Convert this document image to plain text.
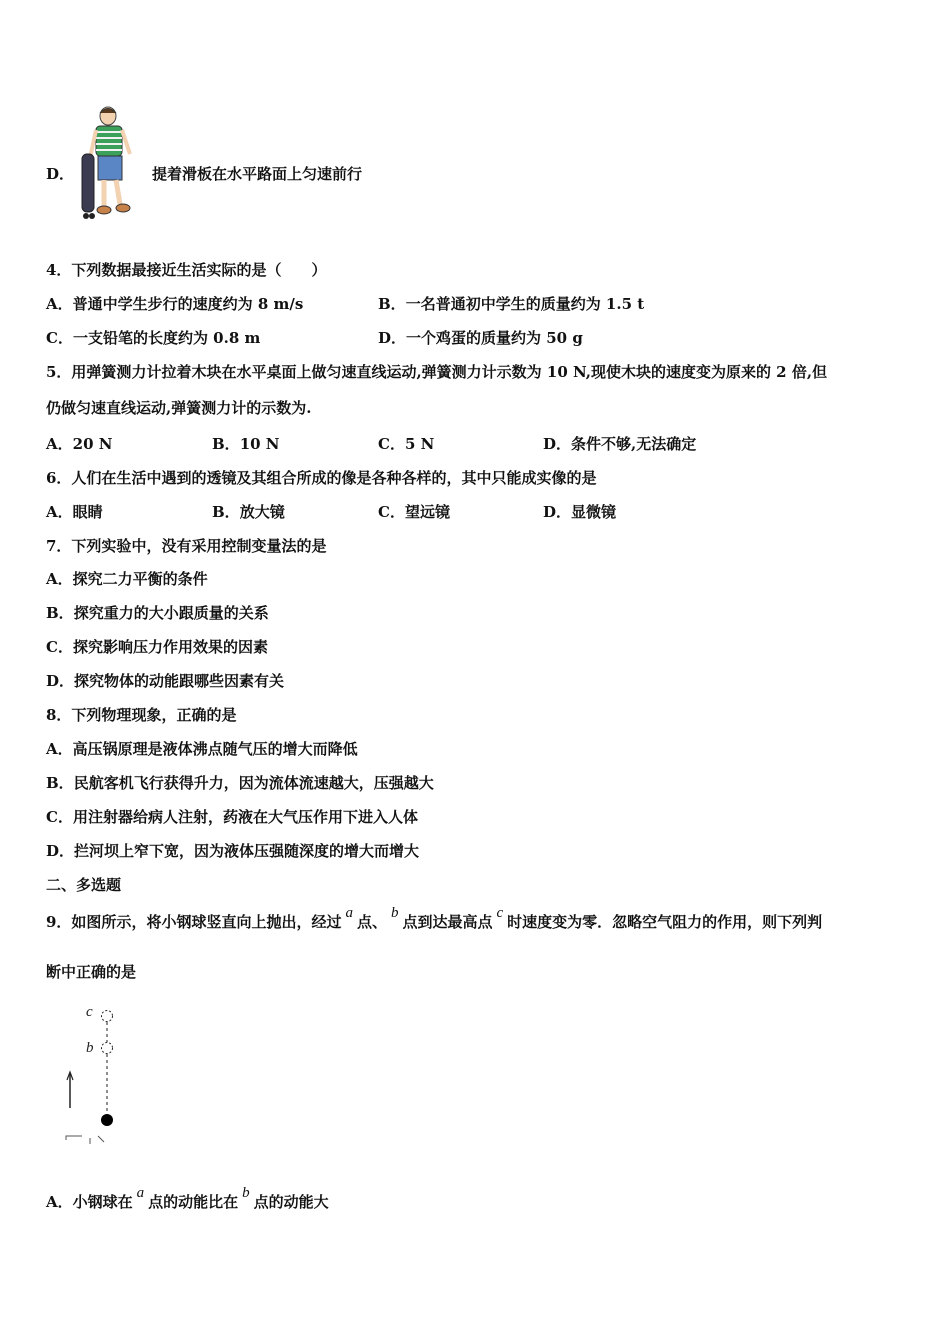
D．	提着滑板在水平路面上匀速前行
4．下列数据最接近生活实际的是（　　）
A．普通中学生步行的速度约为 8 m/s	B．一名普通初中学生的质量约为 1.5 t
C．一支铅笔的长度约为 0.8 m	D．一个鸡蛋的质量约为 50 g
5．用弹簧测力计拉着木块在水平桌面上做匀速直线运动,弹簧测力计示数为 10 N,现使木块的速度变为原来的 2 倍,但
仍做匀速直线运动,弹簧测力计的示数为.
A．20 N	B．10 N	C．5 N	D．条件不够,无法确定
6．人们在生活中遇到的透镜及其组合所成的像是各种各样的，其中只能成实像的是
A．眼睛	B．放大镜	C．望远镜	D．显微镜
7．下列实验中，没有采用控制变量法的是
A．探究二力平衡的条件
B．探究重力的大小跟质量的关系
C．探究影响压力作用效果的因素
D．探究物体的动能跟哪些因素有关
8．下列物理现象，正确的是
A．高压锅原理是液体沸点随气压的增大而降低
B．民航客机飞行获得升力，因为流体流速越大，压强越大
C．用注射器给病人注射，药液在大气压作用下进入人体
D．拦河坝上窄下宽，因为液体压强随深度的增大而增大
二、多选题
9．如图所示，将小钢球竖直向上抛出，经过 a 点、 b 点到达最高点 c 时速度变为零．忽略空气阻力的作用，则下列判
断中正确的是
c
b
A．小钢球在 a 点的动能比在 b 点的动能大
